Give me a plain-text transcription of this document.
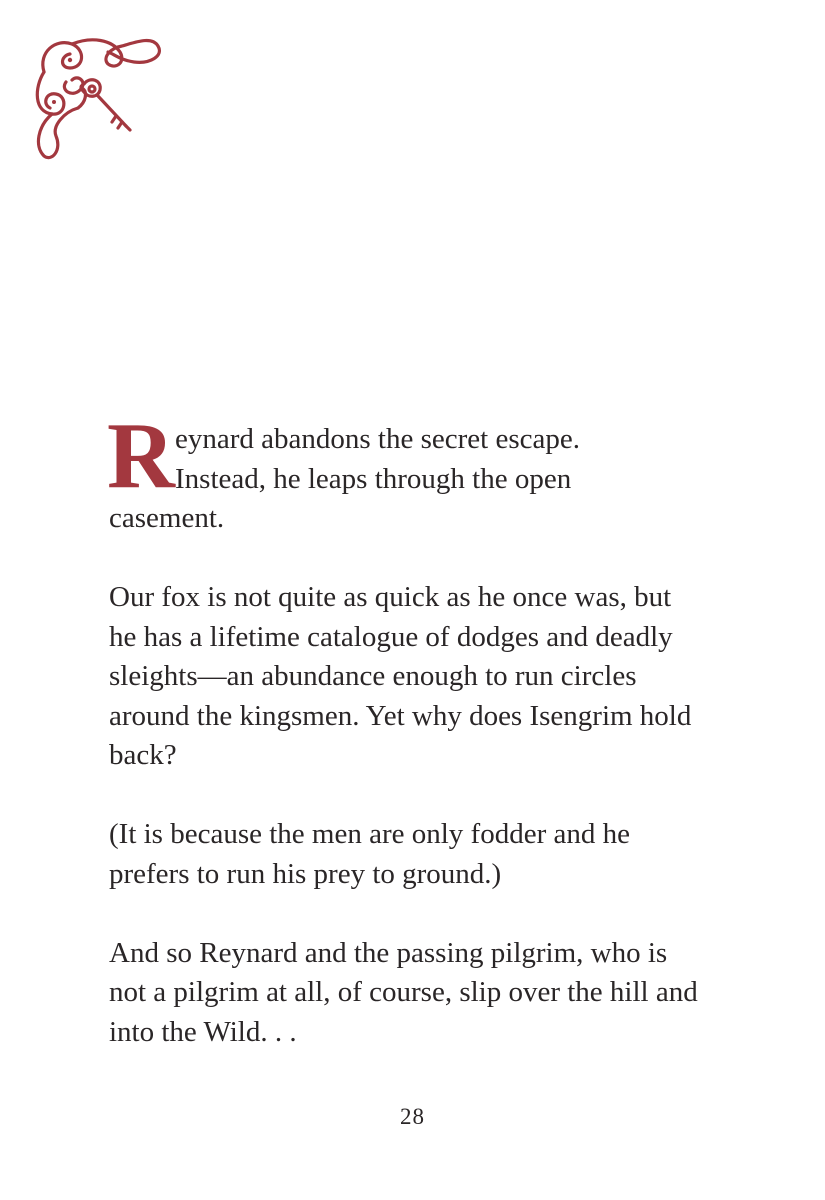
R eynard abandons the secret escape.
Instead, he leaps through the open

casement.

Our fox is not quite as quick as he once was, but he has a lifetime catalogue of dodges and deadly sleights—an abundance enough to run circles around the kingsmen. Yet why does Isengrim hold back?

(It is because the men are only fodder and he prefers to run his prey to ground.)

And so Reynard and the passing pilgrim, who is not a pilgrim at all, of course, slip over the hill and into the Wild. . .

28
